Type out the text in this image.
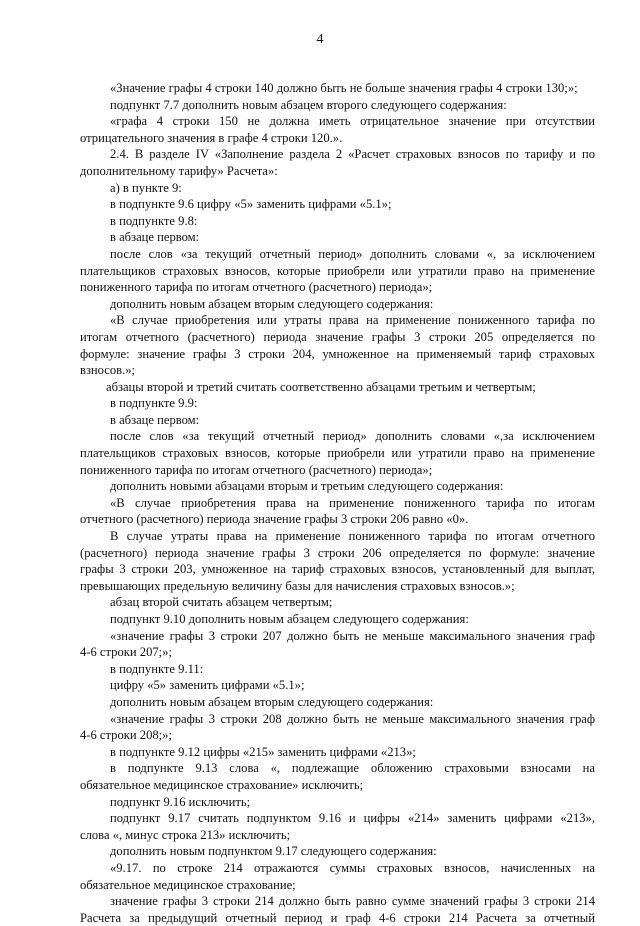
4
«Значение графы 4 строки 140 должно быть не больше значения графы 4 строки 130;»;
подпункт 7.7 дополнить новым абзацем второго следующего содержания:
«графа 4 строки 150 не должна иметь отрицательное значение при отсутствии
отрицательного значения в графе 4 строки 120.».
2.4. В разделе IV «Заполнение раздела 2 «Расчет страховых взносов по тарифу и по
дополнительному тарифу» Расчета»:
а) в пункте 9:
в подпункте 9.6 цифру «5» заменить цифрами «5.1»;
в подпункте 9.8:
в абзаце первом:
после слов «за текущий отчетный период» дополнить словами «, за исключением
плательщиков страховых взносов, которые приобрели или утратили право на применение
пониженного тарифа по итогам отчетного (расчетного) периода»;
дополнить новым абзацем вторым следующего содержания:
«В случае приобретения или утраты права на применение пониженного тарифа по
итогам отчетного (расчетного) периода значение графы 3 строки 205 определяется по
формуле: значение графы 3 строки 204, умноженное на применяемый тариф страховых
взносов.»;
абзацы второй и третий считать соответственно абзацами третьим и четвертым;
в подпункте 9.9:
в абзаце первом:
после слов «за текущий отчетный период» дополнить словами «,за исключением
плательщиков страховых взносов, которые приобрели или утратили право на применение
пониженного тарифа по итогам отчетного (расчетного) периода»;
дополнить новыми абзацами вторым и третьим следующего содержания:
«В случае приобретения права на применение пониженного тарифа по итогам
отчетного (расчетного) периода значение графы 3 строки 206 равно «0».
В случае утраты права на применение пониженного тарифа по итогам отчетного
(расчетного) периода значение графы 3 строки 206 определяется по формуле: значение
графы 3 строки 203, умноженное на тариф страховых взносов, установленный для выплат,
превышающих предельную величину базы для начисления страховых взносов.»;
абзац второй считать абзацем четвертым;
подпункт 9.10 дополнить новым абзацем следующего содержания:
«значение графы 3 строки 207 должно быть не меньше максимального значения граф
4-6 строки 207;»;
в подпункте 9.11:
цифру «5» заменить цифрами «5.1»;
дополнить новым абзацем вторым следующего содержания:
«значение графы 3 строки 208 должно быть не меньше максимального значения граф
4-6 строки 208;»;
в подпункте 9.12 цифры «215» заменить цифрами «213»;
в подпункте 9.13 слова «, подлежащие обложению страховыми взносами на
обязательное медицинское страхование» исключить;
подпункт 9.16 исключить;
подпункт 9.17 считать подпунктом 9.16 и цифры «214» заменить цифрами «213»,
слова «, минус строка 213» исключить;
дополнить новым подпунктом 9.17 следующего содержания:
«9.17. по строке 214 отражаются суммы страховых взносов, начисленных на
обязательное медицинское страхование;
значение графы 3 строки 214 должно быть равно сумме значений графы 3 строки 214
Расчета за предыдущий отчетный период и граф 4-6 строки 214 Расчета за отчетный
